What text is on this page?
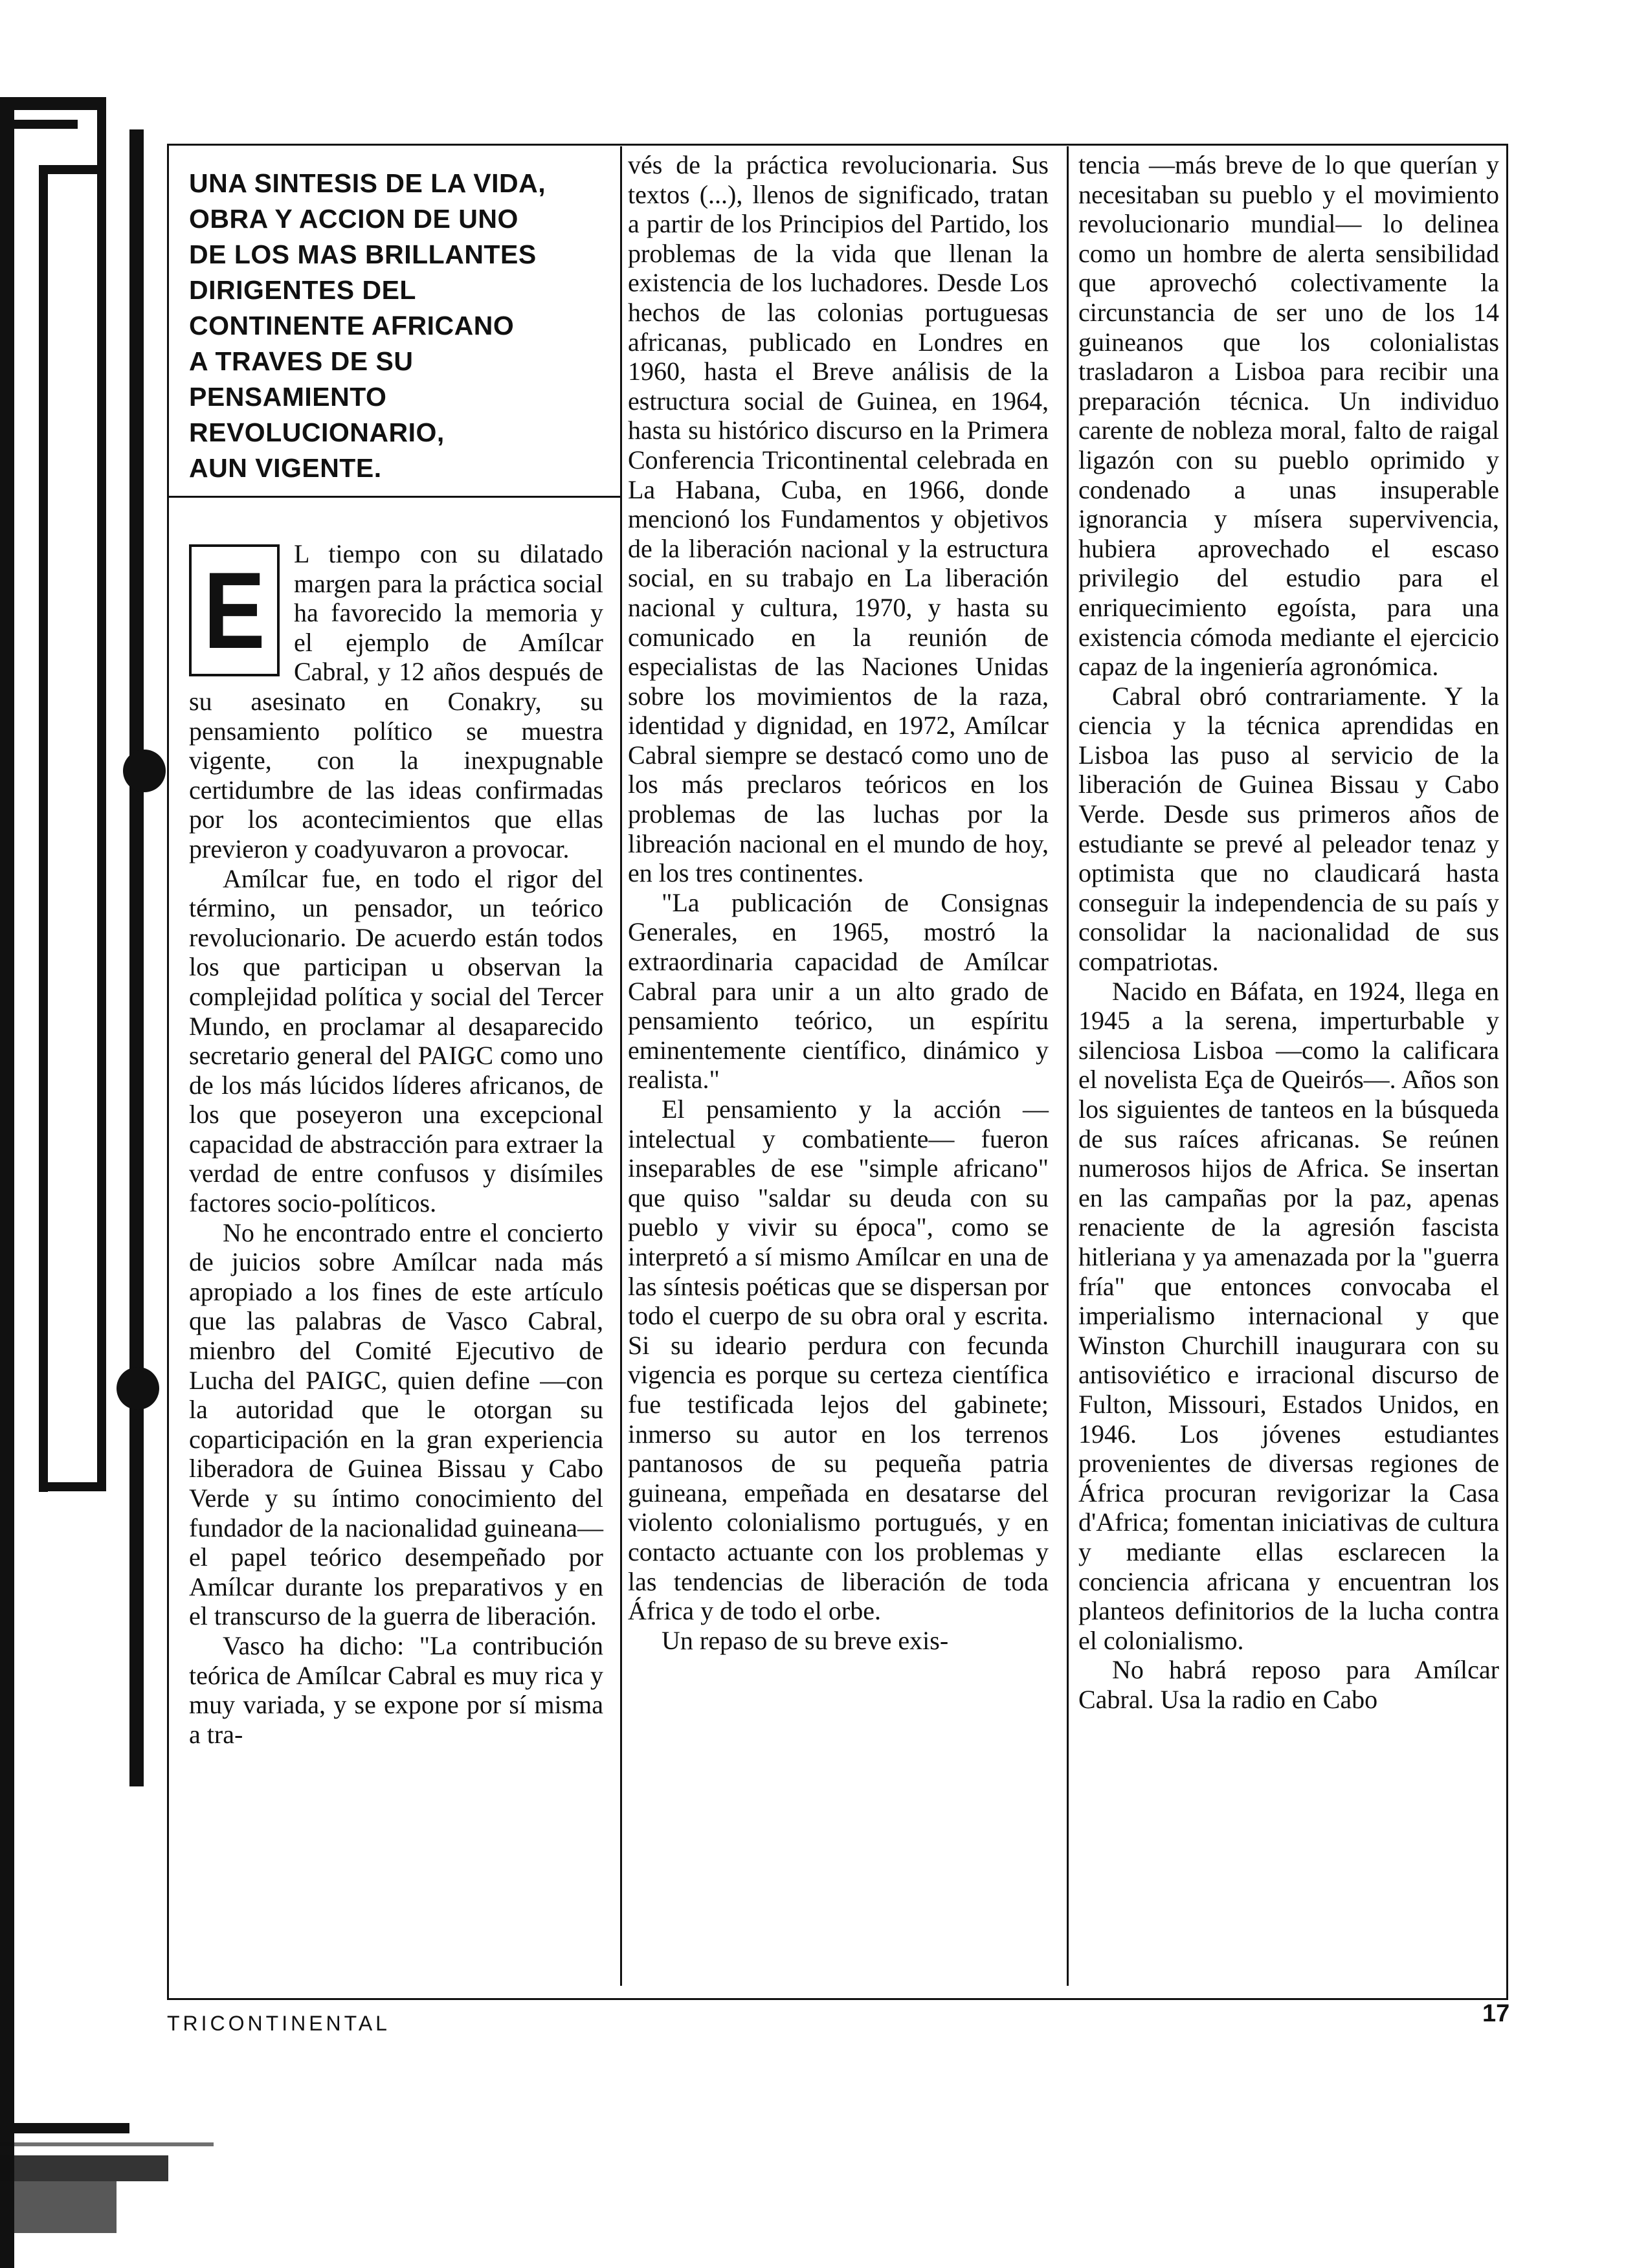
UNA SINTESIS DE LA VIDA,
OBRA Y ACCION DE UNO
DE LOS MAS BRILLANTES
DIRIGENTES DEL
CONTINENTE AFRICANO
A TRAVES DE SU
PENSAMIENTO
REVOLUCIONARIO,
AUN VIGENTE.
E	L tiempo con su dilatado margen para la práctica social ha favorecido la memoria y el ejemplo de Amílcar Cabral, y 12 años después de su asesinato en Conakry, su pensamiento político se muestra vigente, con la inexpugnable certidumbre de las ideas confirmadas por los acontecimientos que ellas previeron y coadyuvaron a provocar.

Amílcar fue, en todo el rigor del término, un pensador, un teórico revolucionario. De acuerdo están todos los que participan u observan la complejidad política y social del Tercer Mundo, en proclamar al desaparecido secretario general del PAIGC como uno de los más lúcidos líderes africanos, de los que poseyeron una excepcional capacidad de abstracción para extraer la verdad de entre confusos y disímiles factores socio-políticos.

No he encontrado entre el concierto de juicios sobre Amílcar nada más apropiado a los fines de este artículo que las palabras de Vasco Cabral, mienbro del Comité Ejecutivo de Lucha del PAIGC, quien define —con la autoridad que le otorgan su coparticipación en la gran experiencia liberadora de Guinea Bissau y Cabo Verde y su íntimo conocimiento del fundador de la nacionalidad guineana— el papel teórico desempeñado por Amílcar durante los preparativos y en el transcurso de la guerra de liberación.

Vasco ha dicho: "La contribución teórica de Amílcar Cabral es muy rica y muy variada, y se expone por sí misma a tra-

vés de la práctica revolucionaria. Sus textos (...), llenos de significado, tratan a partir de los Principios del Partido, los problemas de la vida que llenan la existencia de los luchadores. Desde Los hechos de las colonias portuguesas africanas, publicado en Londres en 1960, hasta el Breve análisis de la estructura social de Guinea, en 1964, hasta su histórico discurso en la Primera Conferencia Tricontinental celebrada en La Habana, Cuba, en 1966, donde mencionó los Fundamentos y objetivos de la liberación nacional y la estructura social, en su trabajo en La liberación nacional y cultura, 1970, y hasta su comunicado en la reunión de especialistas de las Naciones Unidas sobre los movimientos de la raza, identidad y dignidad, en 1972, Amílcar Cabral siempre se destacó como uno de los más preclaros teóricos en los problemas de las luchas por la libreación nacional en el mundo de hoy, en los tres continentes.

"La publicación de Consignas Generales, en 1965, mostró la extraordinaria capacidad de Amílcar Cabral para unir a un alto grado de pensamiento teórico, un espíritu eminentemente científico, dinámico y realista."

El pensamiento y la acción —intelectual y combatiente— fueron inseparables de ese "simple africano" que quiso "saldar su deuda con su pueblo y vivir su época", como se interpretó a sí mismo Amílcar en una de las síntesis poéticas que se dispersan por todo el cuerpo de su obra oral y escrita. Si su ideario perdura con fecunda vigencia es porque su certeza científica fue testificada lejos del gabinete; inmerso su autor en los terrenos pantanosos de su pequeña patria guineana, empeñada en desatarse del violento colonialismo portugués, y en contacto actuante con los problemas y las tendencias de liberación de toda África y de todo el orbe.

Un repaso de su breve exis-

tencia —más breve de lo que querían y necesitaban su pueblo y el movimiento revolucionario mundial— lo delinea como un hombre de alerta sensibilidad que aprovechó colectivamente la circunstancia de ser uno de los 14 guineanos que los colonialistas trasladaron a Lisboa para recibir una preparación técnica. Un individuo carente de nobleza moral, falto de raigal ligazón con su pueblo oprimido y condenado a unas insuperable ignorancia y mísera supervivencia, hubiera aprovechado el escaso privilegio del estudio para el enriquecimiento egoísta, para una existencia cómoda mediante el ejercicio capaz de la ingeniería agronómica.

Cabral obró contrariamente. Y la ciencia y la técnica aprendidas en Lisboa las puso al servicio de la liberación de Guinea Bissau y Cabo Verde. Desde sus primeros años de estudiante se prevé al peleador tenaz y optimista que no claudicará hasta conseguir la independencia de su país y consolidar la nacionalidad de sus compatriotas.

Nacido en Báfata, en 1924, llega en 1945 a la serena, imperturbable y silenciosa Lisboa —como la calificara el novelista Eça de Queirós—. Años son los siguientes de tanteos en la búsqueda de sus raíces africanas. Se reúnen numerosos hijos de Africa. Se insertan en las campañas por la paz, apenas renaciente de la agresión fascista hitleriana y ya amenazada por la "guerra fría" que entonces convocaba el imperialismo internacional y que Winston Churchill inaugurara con su antisoviético e irracional discurso de Fulton, Missouri, Estados Unidos, en 1946. Los jóvenes estudiantes provenientes de diversas regiones de África procuran revigorizar la Casa d'Africa; fomentan iniciativas de cultura y mediante ellas esclarecen la conciencia africana y encuentran los planteos definitorios de la lucha contra el colonialismo.

No habrá reposo para Amílcar Cabral. Usa la radio en Cabo

TRICONTINENTAL	17
